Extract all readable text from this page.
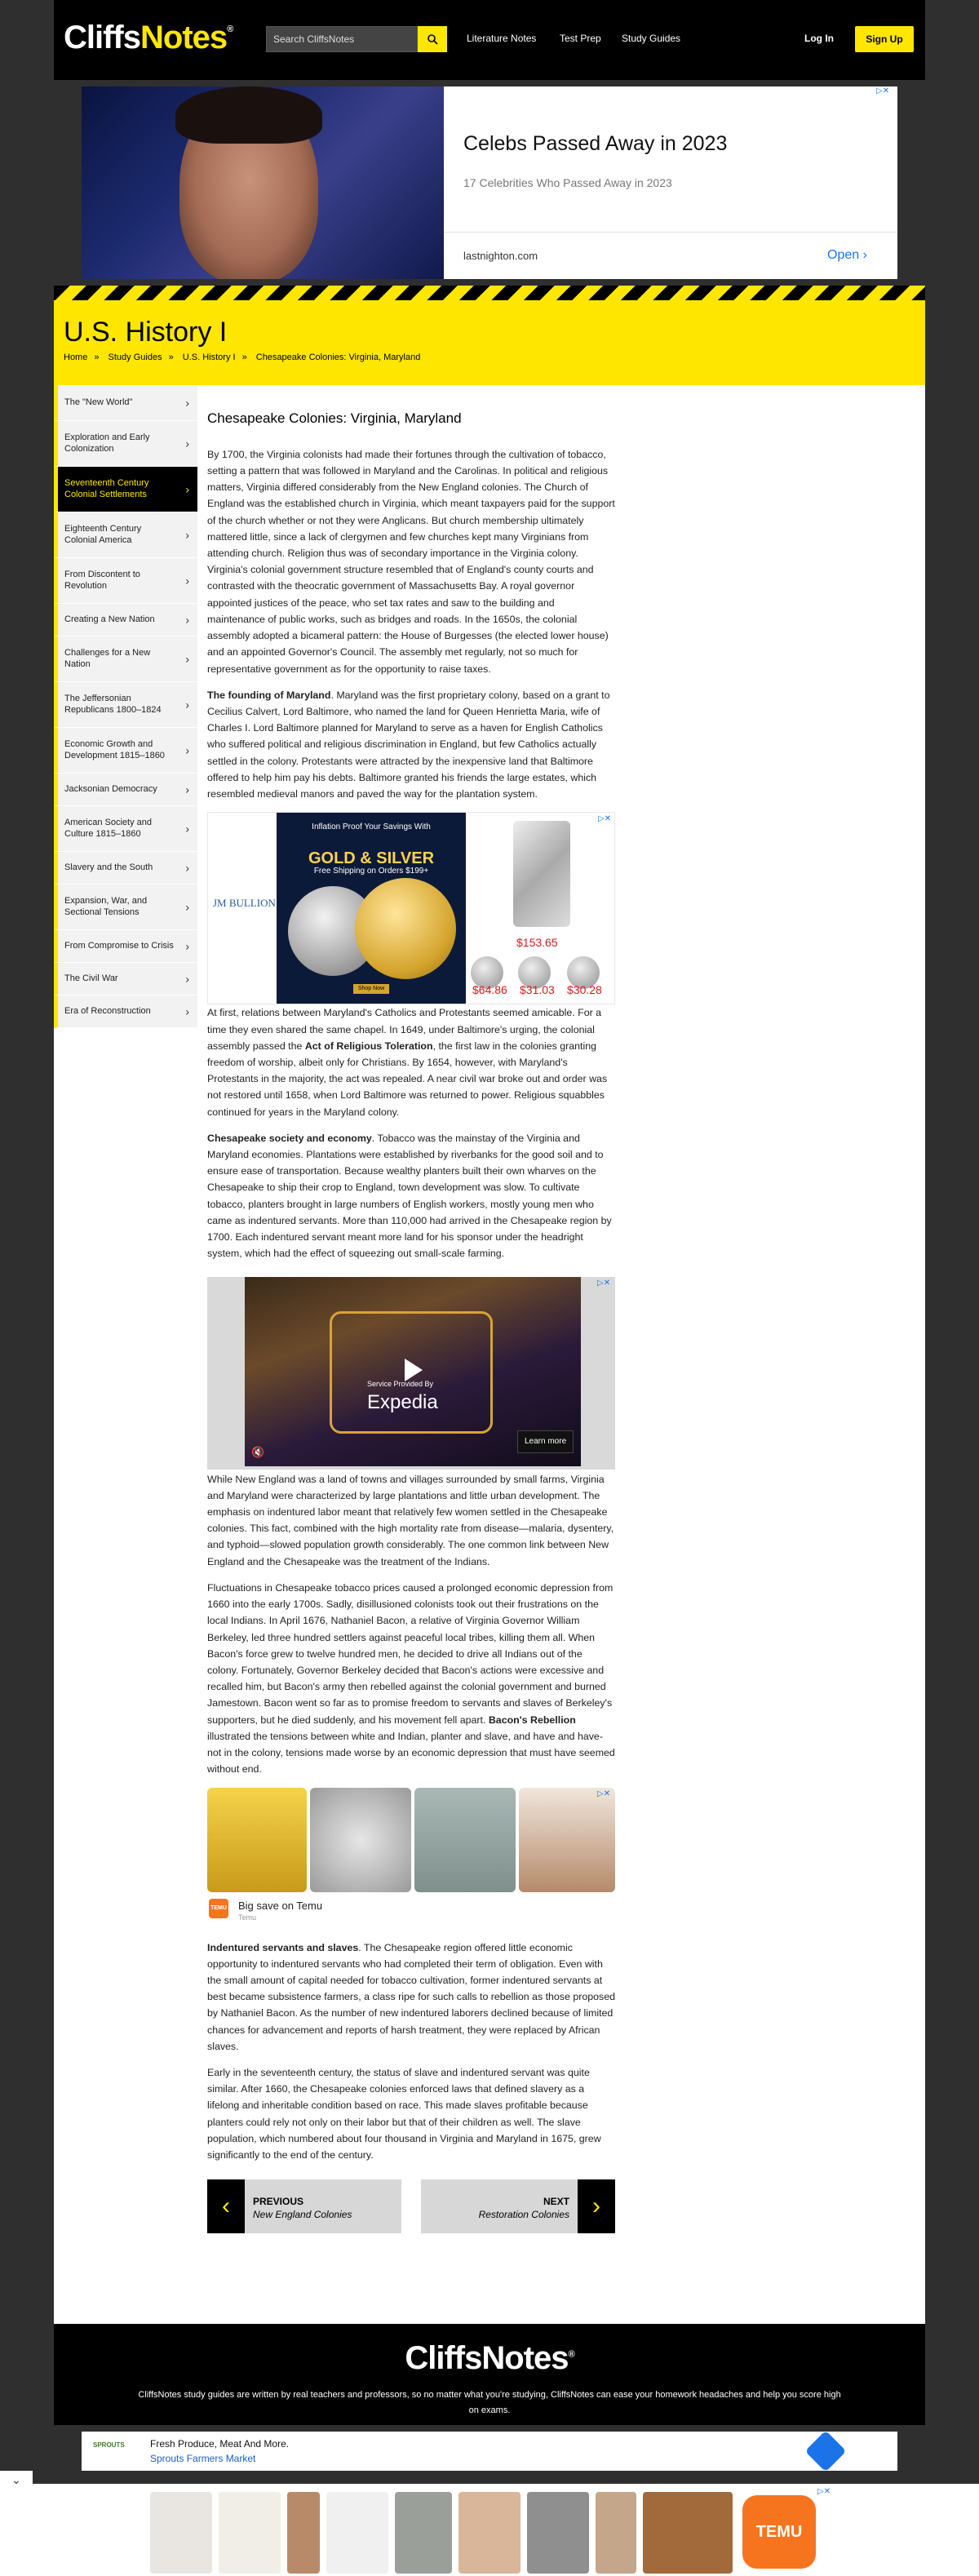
CliffsNotes®
Search CliffsNotes	Literature Notes Test Prep Study Guides	Log In	Sign Up
Celebs Passed Away in 2023
17 Celebrities Who Passed Away in 2023
lastnighton.com	Open ›
▷✕
U.S. History I
Home » Study Guides » U.S. History I » Chesapeake Colonies: Virginia, Maryland
The "New World"	›
Exploration and Early Colonization	›
Seventeenth Century Colonial Settlements	›
Eighteenth Century Colonial America	›
From Discontent to Revolution	›
Creating a New Nation	›
Challenges for a New Nation	›
The Jeffersonian Republicans 1800–1824	›
Economic Growth and Development 1815–1860	›
Jacksonian Democracy ›
American Society and Culture 1815–1860	›
Slavery and the South	›
Expansion, War, and Sectional Tensions	›
From Compromise to Crisis ›
The Civil War	›
Era of Reconstruction	›
Chesapeake Colonies: Virginia, Maryland

By 1700, the Virginia colonists had made their fortunes through the cultivation of tobacco, setting a pattern that was followed in Maryland and the Carolinas. In political and religious matters, Virginia differed considerably from the New England colonies. The Church of England was the established church in Virginia, which meant taxpayers paid for the support of the church whether or not they were Anglicans. But church membership ultimately mattered little, since a lack of clergymen and few churches kept many Virginians from attending church. Religion thus was of secondary importance in the Virginia colony.

Virginia's colonial government structure resembled that of England's county courts and contrasted with the theocratic government of Massachusetts Bay. A royal governor appointed justices of the peace, who set tax rates and saw to the building and maintenance of public works, such as bridges and roads. In the 1650s, the colonial assembly adopted a bicameral pattern: the House of Burgesses (the elected lower house) and an appointed Governor's Council. The assembly met regularly, not so much for representative government as for the opportunity to raise taxes.

The founding of Maryland. Maryland was the first proprietary colony, based on a grant to Cecilius Calvert, Lord Baltimore, who named the land for Queen Henrietta Maria, wife of Charles I. Lord Baltimore planned for Maryland to serve as a haven for English Catholics who suffered political and religious discrimination in England, but few Catholics actually settled in the colony. Protestants were attracted by the inexpensive land that Baltimore offered to help him pay his debts. Baltimore granted his friends the large estates, which resembled medieval manors and paved the way for the plantation system.

JM BULLION
Inflation Proof Your Savings With
GOLD & SILVER
Free Shipping on Orders $199+
Shop Now
$153.65
$64.86 $31.03 $30.28
▷✕

At first, relations between Maryland's Catholics and Protestants seemed amicable. For a time they even shared the same chapel. In 1649, under Baltimore's urging, the colonial assembly passed the Act of Religious Toleration, the first law in the colonies granting freedom of worship, albeit only for Christians. By 1654, however, with Maryland's Protestants in the majority, the act was repealed. A near civil war broke out and order was not restored until 1658, when Lord Baltimore was returned to power. Religious squabbles continued for years in the Maryland colony.

Chesapeake society and economy. Tobacco was the mainstay of the Virginia and Maryland economies. Plantations were established by riverbanks for the good soil and to ensure ease of transportation. Because wealthy planters built their own wharves on the Chesapeake to ship their crop to England, town development was slow. To cultivate tobacco, planters brought in large numbers of English workers, mostly young men who came as indentured servants. More than 110,000 had arrived in the Chesapeake region by 1700. Each indentured servant meant more land for his sponsor under the headright system, which had the effect of squeezing out small-scale farming.

Service Provided By
Expedia
Learn more
🔇
▷✕

While New England was a land of towns and villages surrounded by small farms, Virginia and Maryland were characterized by large plantations and little urban development. The emphasis on indentured labor meant that relatively few women settled in the Chesapeake colonies. This fact, combined with the high mortality rate from disease—malaria, dysentery, and typhoid—slowed population growth considerably. The one common link between New England and the Chesapeake was the treatment of the Indians.

Fluctuations in Chesapeake tobacco prices caused a prolonged economic depression from 1660 into the early 1700s. Sadly, disillusioned colonists took out their frustrations on the local Indians. In April 1676, Nathaniel Bacon, a relative of Virginia Governor William Berkeley, led three hundred settlers against peaceful local tribes, killing them all. When Bacon's force grew to twelve hundred men, he decided to drive all Indians out of the colony. Fortunately, Governor Berkeley decided that Bacon's actions were excessive and recalled him, but Bacon's army then rebelled against the colonial government and burned Jamestown. Bacon went so far as to promise freedom to servants and slaves of Berkeley's supporters, but he died suddenly, and his movement fell apart. Bacon's Rebellion illustrated the tensions between white and Indian, planter and slave, and have and have-not in the colony, tensions made worse by an economic depression that must have seemed without end.

TEMU Big save on Temu
Temu
▷✕

Indentured servants and slaves. The Chesapeake region offered little economic opportunity to indentured servants who had completed their term of obligation. Even with the small amount of capital needed for tobacco cultivation, former indentured servants at best became subsistence farmers, a class ripe for such calls to rebellion as those proposed by Nathaniel Bacon. As the number of new indentured laborers declined because of limited chances for advancement and reports of harsh treatment, they were replaced by African slaves.

Early in the seventeenth century, the status of slave and indentured servant was quite similar. After 1660, the Chesapeake colonies enforced laws that defined slavery as a lifelong and inheritable condition based on race. This made slaves profitable because planters could rely not only on their labor but that of their children as well. The slave population, which numbered about four thousand in Virginia and Maryland in 1675, grew significantly to the end of the century.

‹	PREVIOUS
New England Colonies	›
NEXT
Restoration Colonies
CliffsNotes®
CliffsNotes study guides are written by real teachers and professors, so no matter what you're studying, CliffsNotes can ease your homework headaches and help you score high on exams.
SPROUTS	Fresh Produce, Meat And More.
Sprouts Farmers Market
TEMU
▷✕
⌄
